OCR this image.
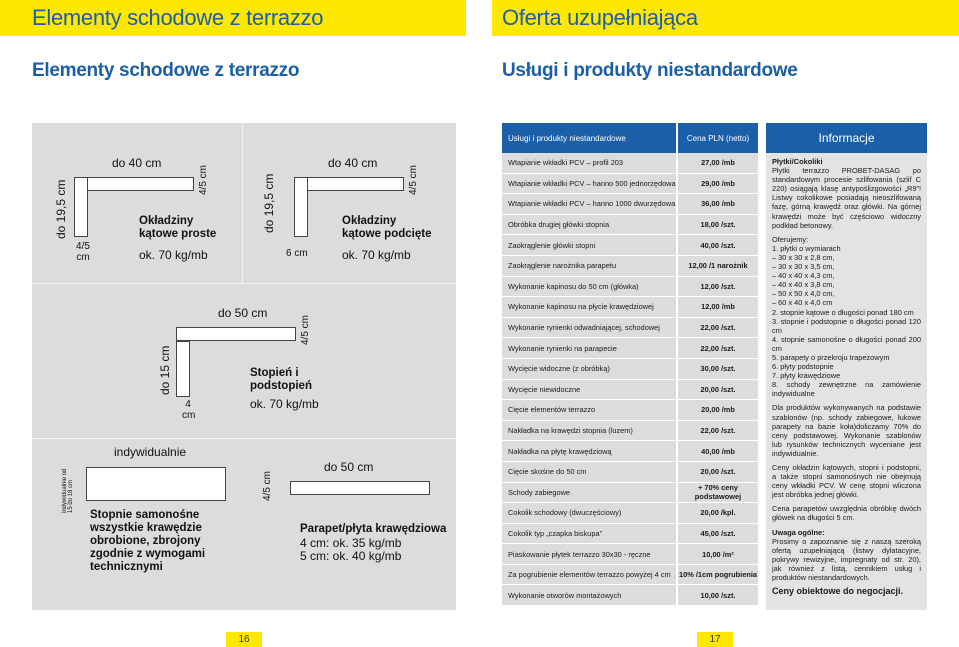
Elementy schodowe z terrazzo	Oferta uzupełniająca
Elementy schodowe z terrazzo	Usługi i produkty niestandardowe
do 40 cm
do 19,5 cm	4/5 cm
4/5 cm
Okładziny kątowe proste
ok. 70 kg/mb
do 40 cm
do 19,5 cm	4/5 cm
6 cm
Okładziny kątowe podcięte
ok. 70 kg/mb
do 50 cm
do 15 cm
4/5 cm
4 cm
Stopień i podstopień
ok. 70 kg/mb
indywidualnie
indywidualnie od 15 do 18 cm
Stopnie samonośne wszystkie krawędzie obrobione, zbrojony zgodnie z wymogami technicznymi
do 50 cm
4/5 cm
Parapet/płyta krawędziowa
4 cm: ok. 35 kg/mb
5 cm: ok. 40 kg/mb
Usługi i produkty niestandardowe	Cena PLN (netto)
Wtapianie wkładki PCV – profil 203	27,00 /mb
Wtapianie wkładki PCV – hanno 500 jednorzędowa	29,00 /mb
Wtapianie wkładki PCV – hanno 1000 dwurzędowa	36,00 /mb
Obróbka drugiej główki stopnia	18,00 /szt.
Zaokrąglenie główki stopni	40,00 /szt.
Zaokrąglenie narożnika parapetu	12,00 /1 narożnik
Wykonanie kapinosu do 50 cm (główka)	12,00 /szt.
Wykonanie kapinosu na płycie krawędziowej	12,00 /mb
Wykonanie rynienki odwadniającej, schodowej	22,00 /szt.
Wykonanie rynienki na parapecie	22,00 /szt.
Wycięcie widoczne (z obróbką)	30,00 /szt.
Wycięcie niewidoczne	20,00 /szt.
Cięcie elementów terrazzo	20,00 /mb
Nakładka na krawędzi stopnia (luzem)	22,00 /szt.
Nakładka na płytę krawędziową	40,00 /mb
Cięcie skośne do 50 cm	20,00 /szt.
Schody zabiegowe	+ 70% ceny podstawowej
Cokolik schodowy (dwuczęściowy)	20,00 /kpl.
Cokolik typ „czapka biskupa”	45,00 /szt.
Piaskowanie płytek terrazzo 30x30 - ręczne	10,00 /m²
Za pogrubienie elementów terrazzo powyżej 4 cm	10% /1cm pogrubienia
Wykonanie otworów montażowych	10,00 /szt.
Informacje

Płytki/Cokoliki
Płytki terrazzo PROBET-DASAG po standardowym procesie szlifowania (szlif C 220) osiągają klasę antypoślizgowości „R9”! Listwy cokolikowe posiadają nieoszlifowaną fazę, górną krawędź oraz główki. Na górnej krawędzi może być częściowo widoczny podkład betonowy.

Oferujemy:
1. płytki o wymiarach
– 30 x 30 x 2,8 cm,
– 30 x 30 x 3,5 cm,
– 40 x 40 x 4,3 cm,
– 40 x 40 x 3,8 cm,
– 50 x 50 x 4,0 cm,
– 60 x 40 x 4,0 cm
2. stopnie kątowe o długości ponad 180 cm
3. stopnie i podstopnie o długości ponad 120 cm
4. stopnie samonośne o długości ponad 200 cm
5. parapety o przekroju trapezowym
6. płyty podstopnie
7. płyty krawędziowe
8. schody zewnętrzne na zamówienie indywidualne

Dla produktów wykonywanych na podstawie szablonów (np. schody zabiegowe, łukowe parapety na bazie koła)doliczamy 70% do ceny podstawowej. Wykonanie szablonów lub rysunków technicznych wyceniane jest indywidualnie.

Ceny okładzin kątowych, stopni i podstopni, a także stopni samonośnych nie obejmują ceny wkładki PCV. W cenę stopni wliczona jest obróbka jednej główki.

Cena parapetów uwzględnia obróbkę dwóch główek na długości 5 cm.

Uwaga ogólne:
Prosimy o zapoznanie się z naszą szeroką ofertą uzupełniającą (listwy dylatacyjne, pokrywy rewizyjne, impregnaty od str. 20), jak również z listą, cennikiem usług i produktów niestandardowych.

Ceny obiektowe do negocjacji.
16	17
